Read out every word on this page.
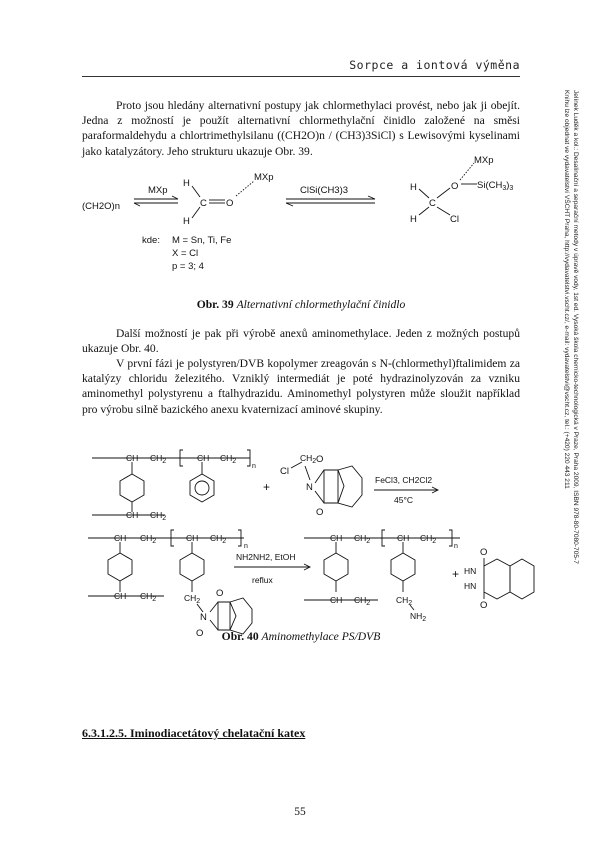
Sorpce a iontová výměna

Proto jsou hledány alternativní postupy jak chlormethylaci provést, nebo jak ji obejít. Jedna z možností je použít alternativní chlormethylační činidlo založené na směsi paraformaldehydu a chlortrimethylsilanu ((CH2O)n / (CH3)3SiCl) s Lewisovými kyselinami jako katalyzátory. Jeho strukturu ukazuje Obr. 39.

(CH2O)n
MXp
H
H
C O
MXp
ClSi(CH3)3	H
C
H	Cl
O
MXp
$Si(CH_3)_3$
kde: M = Sn, Ti, Fe
X = Cl
p = 3; 4
Obr. 39 Alternativní chlormethylační činidlo

Další možností je pak při výrobě anexů aminomethylace. Jeden z možných postupů ukazuje Obr. 40.

V první fázi je polystyren/DVB kopolymer zreagován s N-(chlormethyl)ftalimidem za katalýzy chloridu železitého. Vzniklý intermediát je poté hydrazinolyzován za vzniku aminomethyl polystyrenu a ftalhydrazidu. Aminomethyl polystyren může sloužit například pro výrobu silně bazického anexu kvaternizací aminové skupiny.

CH $CH_2$	CH $CH_2$
n
CH $CH_2$
+
Cl
$CH_2$
N
O
O
FeCl3, CH2Cl2
45°C
CH $CH_2$	CH $CH_2$
n
CH $CH_2$	$CH_2$
N
O
O
NH2NH2, EtOH
reflux
CH $CH_2$	CH $CH_2$
n
CH $CH_2$	$CH_2$
$NH_2$
+
O
O
HN
HN
Obr. 40 Aminomethylace PS/DVB
6.3.1.2.5. Iminodiacetátový chelatační katex
55
Jelínek Luděk a kol.: Desalinační a separační metody v úpravě vody, 1st ed. Vysoká škola chemicko-technologická v Praze, Praha 2009, ISBN 978-80-7080-705-7
Knihu lze objednat ve vydavatelství VŠCHT Praha, http://vydavatelstvi.vscht.cz/, e-mail: vydavatelstvi@vscht.cz, tel.: (+420) 220 443 211
